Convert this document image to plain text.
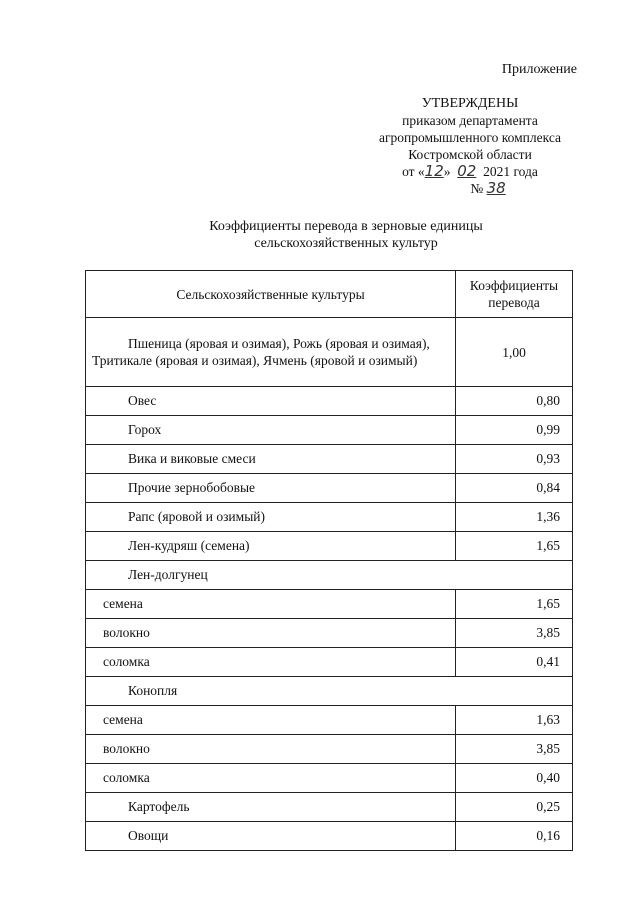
Приложение
УТВЕРЖДЕНЫ
приказом департамента
агропромышленного комплекса
Костромской области
от «12» 02 2021 года
№ 38
Коэффициенты перевода в зерновые единицы
сельскохозяйственных культур
Сельскохозяйственные культуры	Коэффициенты
перевода

Пшеница (яровая и озимая), Рожь (яровая и озимая), Тритикале (яровая и озимая), Ячмень (яровой и озимый)	1,00
Овес	0,80
Горох	0,99
Вика и виковые смеси	0,93
Прочие зернобобовые	0,84
Рапс (яровой и озимый)	1,36
Лен-кудряш (семена)	1,65
Лен-долгунец	
семена	1,65
волокно	3,85
соломка	0,41
Конопля	
семена	1,63
волокно	3,85
соломка	0,40
Картофель	0,25
Овощи	0,16
